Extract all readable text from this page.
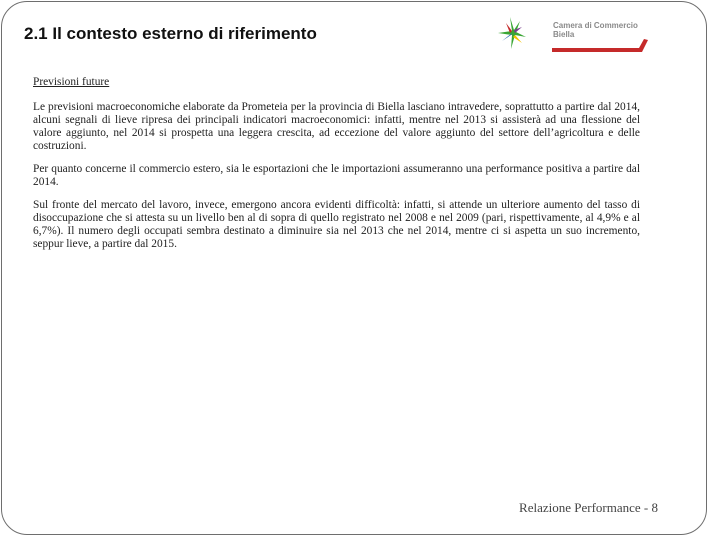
2.1 Il contesto esterno di riferimento	Camera di Commercio
Biella
Previsioni future

Le previsioni macroeconomiche elaborate da Prometeia per la provincia di Biella lasciano intravedere, soprattutto a partire dal 2014, alcuni segnali di lieve ripresa dei principali indicatori macroeconomici: infatti, mentre nel 2013 si assisterà ad una flessione del valore aggiunto, nel 2014 si prospetta una leggera crescita, ad eccezione del valore aggiunto del settore dell’agricoltura e delle costruzioni.

Per quanto concerne il commercio estero, sia le esportazioni che le importazioni assumeranno una performance positiva a partire dal 2014.

Sul fronte del mercato del lavoro, invece, emergono ancora evidenti difficoltà: infatti, si attende un ulteriore aumento del tasso di disoccupazione che si attesta su un livello ben al di sopra di quello registrato nel 2008 e nel 2009 (pari, rispettivamente, al 4,9% e al 6,7%). Il numero degli occupati sembra destinato a diminuire sia nel 2013 che nel 2014, mentre ci si aspetta un suo incremento, seppur lieve, a partire dal 2015.

Relazione Performance - 8
